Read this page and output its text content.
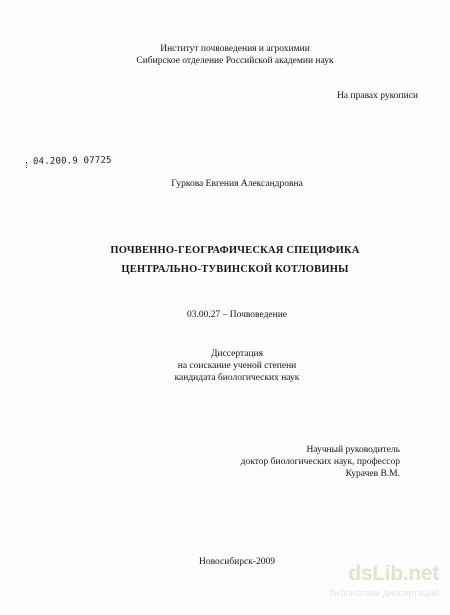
Институт почвоведения и агрохимии
Сибирское отделение Российской академии наук
На правах рукописи
04.200.9 07725
Гуркова Евгения Александровна
ПОЧВЕННО-ГЕОГРАФИЧЕСКАЯ СПЕЦИФИКА
ЦЕНТРАЛЬНО-ТУВИНСКОЙ КОТЛОВИНЫ
03.00.27 – Почвоведение
Диссертация
на соискание ученой степени
кандидата биологических наук
Научный руководитель
доктор биологических наук, профессор
Курачев В.М.
Новосибирск-2009	dsLib.net
библиотека диссертаций
